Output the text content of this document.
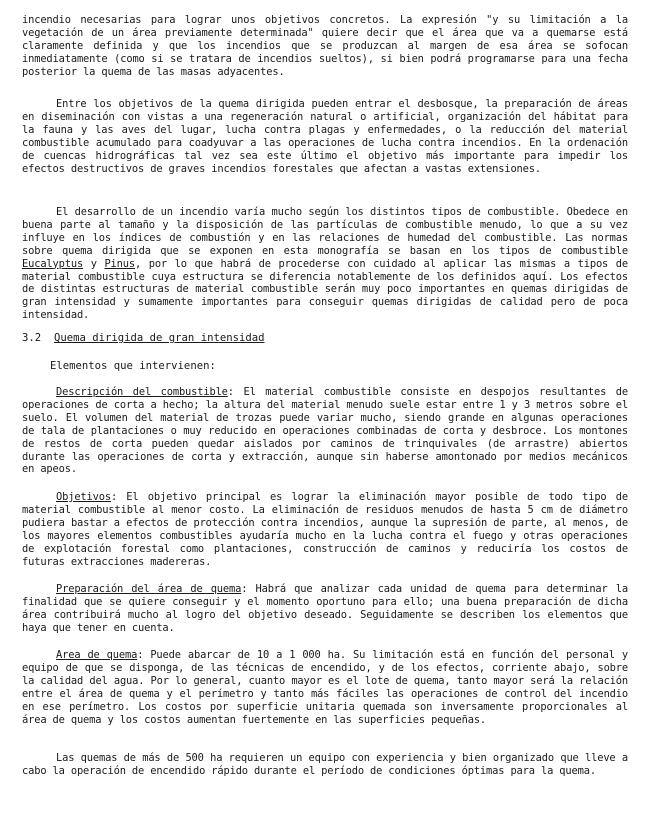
incendio necesarias para lograr unos objetivos concretos. La expresión "y su limitación a la vegetación de un área previamente determinada" quiere decir que el área que va a quemarse está claramente definida y que los incendios que se produzcan al margen de esa área se sofocan inmediatamente (como si se tratara de incendios sueltos), si bien podrá programarse para una fecha posterior la quema de las masas adyacentes.

Entre los objetivos de la quema dirigida pueden entrar el desbosque, la preparación de áreas en diseminación con vistas a una regeneración natural o artificial, organización del hábitat para la fauna y las aves del lugar, lucha contra plagas y enfermedades, o la reducción del material combustible acumulado para coadyuvar a las operaciones de lucha contra incendios. En la ordenación de cuencas hidrográficas tal vez sea este último el objetivo más importante para impedir los efectos destructivos de graves incendios forestales que afectan a vastas extensiones.

El desarrollo de un incendio varía mucho según los distintos tipos de combustible. Obedece en buena parte al tamaño y la disposición de las partículas de combustible menudo, lo que a su vez influye en los índices de combustión y en las relaciones de humedad del combustible. Las normas sobre quema dirigida que se exponen en esta monografía se basan en los tipos de combustible Eucalyptus y Pinus, por lo que habrá de procederse con cuidado al aplicar las mismas a tipos de material combustible cuya estructura se diferencia notablemente de los definidos aquí. Los efectos de distintas estructuras de material combustible serán muy poco importantes en quemas dirigidas de gran intensidad y sumamente importantes para conseguir quemas dirigidas de calidad pero de poca intensidad.

3.2 Quema dirigida de gran intensidad
Elementos que intervienen:

Descripción del combustible: El material combustible consiste en despojos resultantes de operaciones de corta a hecho; la altura del material menudo suele estar entre 1 y 3 metros sobre el suelo. El volumen del material de trozas puede variar mucho, siendo grande en algunas operaciones de tala de plantaciones o muy reducido en operaciones combinadas de corta y desbroce. Los montones de restos de corta pueden quedar aislados por caminos de trinquivales (de arrastre) abiertos durante las operaciones de corta y extracción, aunque sin haberse amontonado por medios mecánicos en apeos.

Objetivos: El objetivo principal es lograr la eliminación mayor posible de todo tipo de material combustible al menor costo. La eliminación de residuos menudos de hasta 5 cm de diámetro pudiera bastar a efectos de protección contra incendios, aunque la supresión de parte, al menos, de los mayores elementos combustibles ayudaría mucho en la lucha contra el fuego y otras operaciones de explotación forestal como plantaciones, construcción de caminos y reduciría los costos de futuras extracciones madereras.

Preparación del área de quema: Habrá que analizar cada unidad de quema para determinar la finalidad que se quiere conseguir y el momento oportuno para ello; una buena preparación de dicha área contribuirá mucho al logro del objetivo deseado. Seguidamente se describen los elementos que haya que tener en cuenta.

Area de quema: Puede abarcar de 10 a 1 000 ha. Su limitación está en función del personal y equipo de que se disponga, de las técnicas de encendido, y de los efectos, corriente abajo, sobre la calidad del agua. Por lo general, cuanto mayor es el lote de quema, tanto mayor será la relación entre el área de quema y el perímetro y tanto más fáciles las operaciones de control del incendio en ese perímetro. Los costos por superficie unitaria quemada son inversamente proporcionales al área de quema y los costos aumentan fuertemente en las superficies pequeñas.

Las quemas de más de 500 ha requieren un equipo con experiencia y bien organizado que lleve a cabo la operación de encendido rápido durante el período de condiciones óptimas para la quema.
